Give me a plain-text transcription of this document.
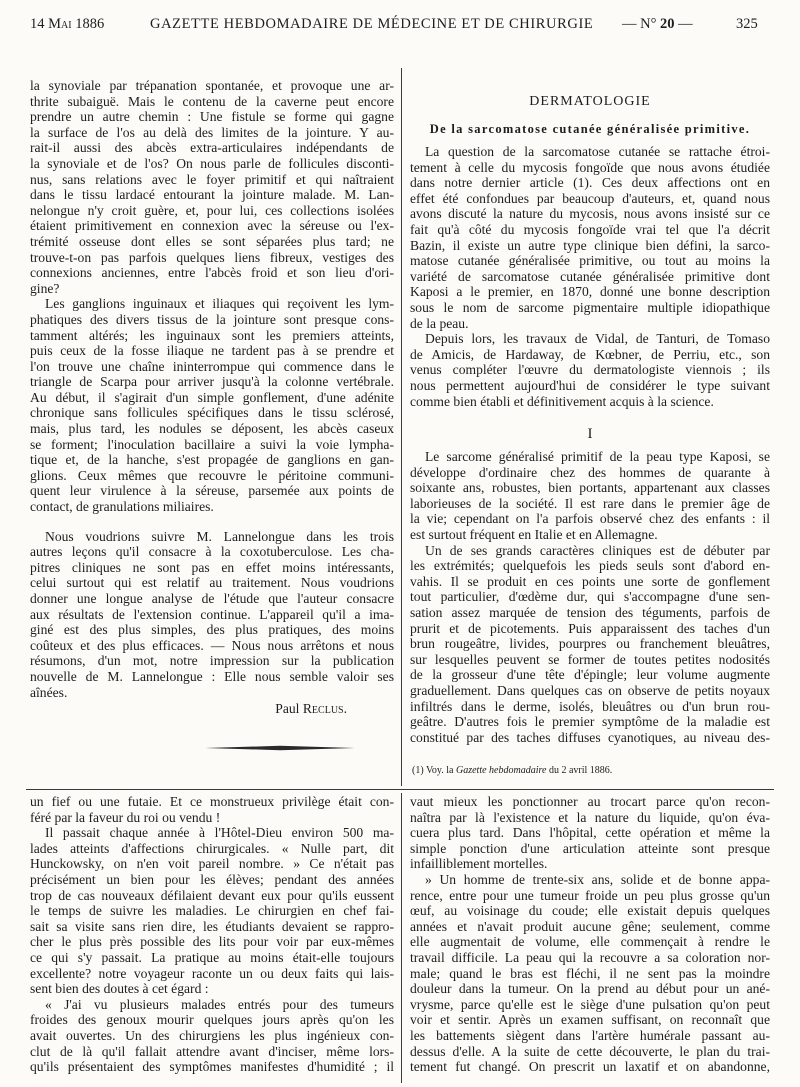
14 Mai 1886	GAZETTE HEBDOMADAIRE DE MÉDECINE ET DE CHIRURGIE — N° 20 —	325
la synoviale par trépanation spontanée, et provoque une ar-
thrite subaiguë. Mais le contenu de la caverne peut encore
prendre un autre chemin : Une fistule se forme qui gagne
la surface de l'os au delà des limites de la jointure. Y au-
rait-il aussi des abcès extra-articulaires indépendants de
la synoviale et de l'os? On nous parle de follicules disconti-
nus, sans relations avec le foyer primitif et qui naîtraient
dans le tissu lardacé entourant la jointure malade. M. Lan-
nelongue n'y croit guère, et, pour lui, ces collections isolées
étaient primitivement en connexion avec la séreuse ou l'ex-
trémité osseuse dont elles se sont séparées plus tard; ne
trouve-t-on pas parfois quelques liens fibreux, vestiges des
connexions anciennes, entre l'abcès froid et son lieu d'ori-
gine?
Les ganglions inguinaux et iliaques qui reçoivent les lym-
phatiques des divers tissus de la jointure sont presque cons-
tamment altérés; les inguinaux sont les premiers atteints,
puis ceux de la fosse iliaque ne tardent pas à se prendre et
l'on trouve une chaîne ininterrompue qui commence dans le
triangle de Scarpa pour arriver jusqu'à la colonne vertébrale.
Au début, il s'agirait d'un simple gonflement, d'une adénite
chronique sans follicules spécifiques dans le tissu sclérosé,
mais, plus tard, les nodules se déposent, les abcès caseux
se forment; l'inoculation bacillaire a suivi la voie lympha-
tique et, de la hanche, s'est propagée de ganglions en gan-
glions. Ceux mêmes que recouvre le péritoine communi-
quent leur virulence à la séreuse, parsemée aux points de
contact, de granulations miliaires.
Nous voudrions suivre M. Lannelongue dans les trois
autres leçons qu'il consacre à la coxotuberculose. Les cha-
pitres cliniques ne sont pas en effet moins intéressants,
celui surtout qui est relatif au traitement. Nous voudrions
donner une longue analyse de l'étude que l'auteur consacre
aux résultats de l'extension continue. L'appareil qu'il a ima-
giné est des plus simples, des plus pratiques, des moins
coûteux et des plus efficaces. — Nous nous arrêtons et nous
résumons, d'un mot, notre impression sur la publication
nouvelle de M. Lannelongue : Elle nous semble valoir ses
aînées.
Paul Reclus.
DERMATOLOGIE
De la sarcomatose cutanée généralisée primitive.
La question de la sarcomatose cutanée se rattache étroi-
tement à celle du mycosis fongoïde que nous avons étudiée
dans notre dernier article (1). Ces deux affections ont en
effet été confondues par beaucoup d'auteurs, et, quand nous
avons discuté la nature du mycosis, nous avons insisté sur ce
fait qu'à côté du mycosis fongoïde vrai tel que l'a décrit
Bazin, il existe un autre type clinique bien défini, la sarco-
matose cutanée généralisée primitive, ou tout au moins la
variété de sarcomatose cutanée généralisée primitive dont
Kaposi a le premier, en 1870, donné une bonne description
sous le nom de sarcome pigmentaire multiple idiopathique
de la peau.
Depuis lors, les travaux de Vidal, de Tanturi, de Tomaso
de Amicis, de Hardaway, de Kœbner, de Perriu, etc., son
venus compléter l'œuvre du dermatologiste viennois ; ils
nous permettent aujourd'hui de considérer le type suivant
comme bien établi et définitivement acquis à la science.
I
Le sarcome généralisé primitif de la peau type Kaposi, se
développe d'ordinaire chez des hommes de quarante à
soixante ans, robustes, bien portants, appartenant aux classes
laborieuses de la société. Il est rare dans le premier âge de
la vie; cependant on l'a parfois observé chez des enfants : il
est surtout fréquent en Italie et en Allemagne.
Un de ses grands caractères cliniques est de débuter par
les extrémités; quelquefois les pieds seuls sont d'abord en-
vahis. Il se produit en ces points une sorte de gonflement
tout particulier, d'œdème dur, qui s'accompagne d'une sen-
sation assez marquée de tension des téguments, parfois de
prurit et de picotements. Puis apparaissent des taches d'un
brun rougeâtre, livides, pourpres ou franchement bleuâtres,
sur lesquelles peuvent se former de toutes petites nodosités
de la grosseur d'une tête d'épingle; leur volume augmente
graduellement. Dans quelques cas on observe de petits noyaux
infiltrés dans le derme, isolés, bleuâtres ou d'un brun rou-
geâtre. D'autres fois le premier symptôme de la maladie est
constitué par des taches diffuses cyanotiques, au niveau des-
(1) Voy. la Gazette hebdomadaire du 2 avril 1886.
un fief ou une futaie. Et ce monstrueux privilège était con-
féré par la faveur du roi ou vendu !
Il passait chaque année à l'Hôtel-Dieu environ 500 ma-
lades atteints d'affections chirurgicales. « Nulle part, dit
Hunckowsky, on n'en voit pareil nombre. » Ce n'était pas
précisément un bien pour les élèves; pendant des années
trop de cas nouveaux défilaient devant eux pour qu'ils eussent
le temps de suivre les maladies. Le chirurgien en chef fai-
sait sa visite sans rien dire, les étudiants devaient se rappro-
cher le plus près possible des lits pour voir par eux-mêmes
ce qui s'y passait. La pratique au moins était-elle toujours
excellente? notre voyageur raconte un ou deux faits qui lais-
sent bien des doutes à cet égard :
« J'ai vu plusieurs malades entrés pour des tumeurs
froides des genoux mourir quelques jours après qu'on les
avait ouvertes. Un des chirurgiens les plus ingénieux con-
clut de là qu'il fallait attendre avant d'inciser, même lors-
qu'ils présentaient des symptômes manifestes d'humidité ; il
vaut mieux les ponctionner au trocart parce qu'on recon-
naîtra par là l'existence et la nature du liquide, qu'on éva-
cuera plus tard. Dans l'hôpital, cette opération et même la
simple ponction d'une articulation atteinte sont presque
infailliblement mortelles.
» Un homme de trente-six ans, solide et de bonne appa-
rence, entre pour une tumeur froide un peu plus grosse qu'un
œuf, au voisinage du coude; elle existait depuis quelques
années et n'avait produit aucune gêne; seulement, comme
elle augmentait de volume, elle commençait à rendre le
travail difficile. La peau qui la recouvre a sa coloration nor-
male; quand le bras est fléchi, il ne sent pas la moindre
douleur dans la tumeur. On la prend au début pour un ané-
vrysme, parce qu'elle est le siège d'une pulsation qu'on peut
voir et sentir. Après un examen suffisant, on reconnaît que
les battements siègent dans l'artère humérale passant au-
dessus d'elle. A la suite de cette découverte, le plan du trai-
tement fut changé. On prescrit un laxatif et on abandonne,
